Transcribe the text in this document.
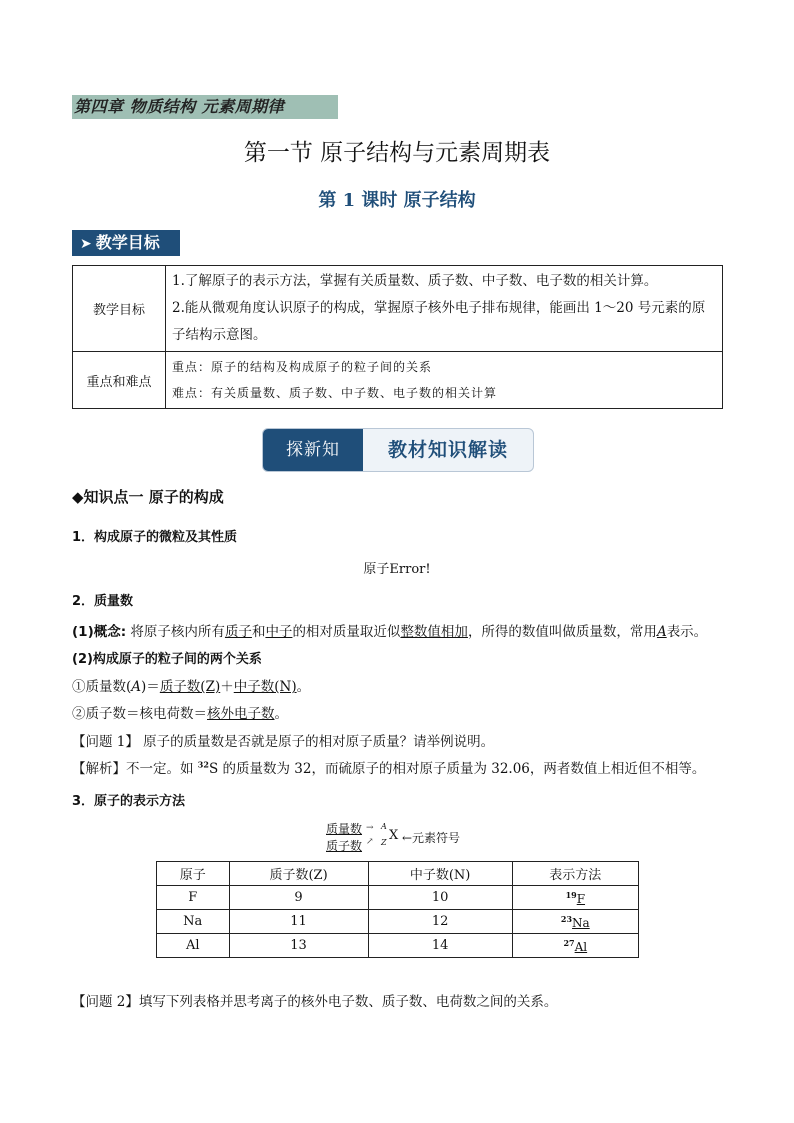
第四章 物质结构 元素周期律
第一节 原子结构与元素周期表
第 1 课时 原子结构
➤ 教学目标
教学目标	1.了解原子的表示方法，掌握有关质量数、质子数、中子数、电子数的相关计算。
2.能从微观角度认识原子的构成，掌握原子核外电子排布规律，能画出 1～20 号元素的原
子结构示意图。

重点和难点	重点：原子的结构及构成原子的粒子间的关系
难点：有关质量数、质子数、中子数、电子数的相关计算
探新知	教材知识解读
◆知识点一 原子的构成
1．构成原子的微粒及其性质
原子Error!
2．质量数
(1)概念: 将原子核内所有质子和中子的相对质量取近似整数值相加，所得的数值叫做质量数，常用A表示。
(2)构成原子的粒子间的两个关系
①质量数(A)＝质子数(Z)＋中子数(N)。
②质子数＝核电荷数＝核外电子数。
【问题 1】 原子的质量数是否就是原子的相对原子质量？请举例说明。
【解析】不一定。如 $^{32}$S 的质量数为 32，而硫原子的相对原子质量为 32.06，两者数值上相近但不相等。
3．原子的表示方法
质量数
质子数
→
↗
A
Z X ←元素符号
原子	质子数(Z)	中子数(N)	表示方法
F	9	10	$^{19}$F
Na	11	12	$^{23}$Na
Al	13	14	$^{27}$Al
【问题 2】填写下列表格并思考离子的核外电子数、质子数、电荷数之间的关系。
